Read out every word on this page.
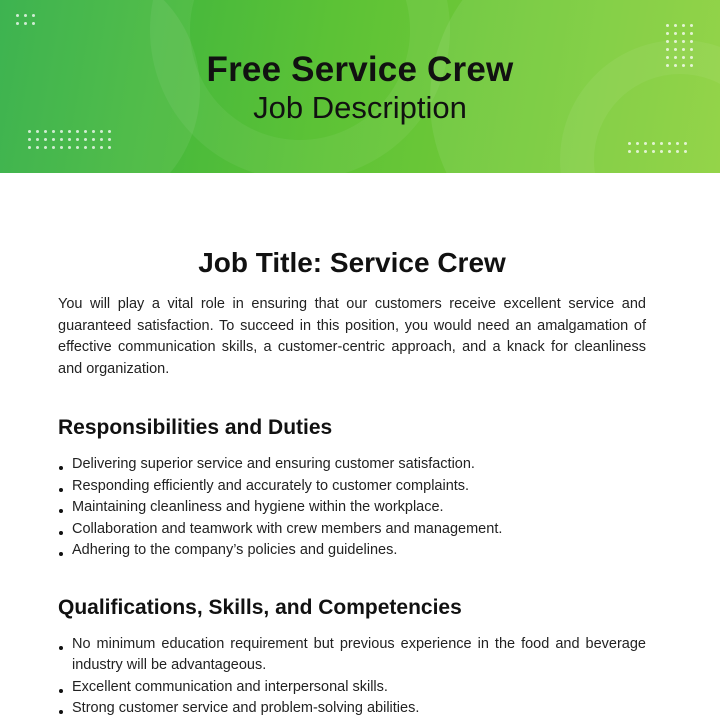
Free Service Crew
Job Description
Job Title: Service Crew

You will play a vital role in ensuring that our customers receive excellent service and guaranteed satisfaction. To succeed in this position, you would need an amalgamation of effective communication skills, a customer-centric approach, and a knack for cleanliness and organization.

Responsibilities and Duties
Delivering superior service and ensuring customer satisfaction.
Responding efficiently and accurately to customer complaints.
Maintaining cleanliness and hygiene within the workplace.
Collaboration and teamwork with crew members and management.
Adhering to the company’s policies and guidelines.
Qualifications, Skills, and Competencies
No minimum education requirement but previous experience in the food and beverage industry will be advantageous.
Excellent communication and interpersonal skills.
Strong customer service and problem-solving abilities.
